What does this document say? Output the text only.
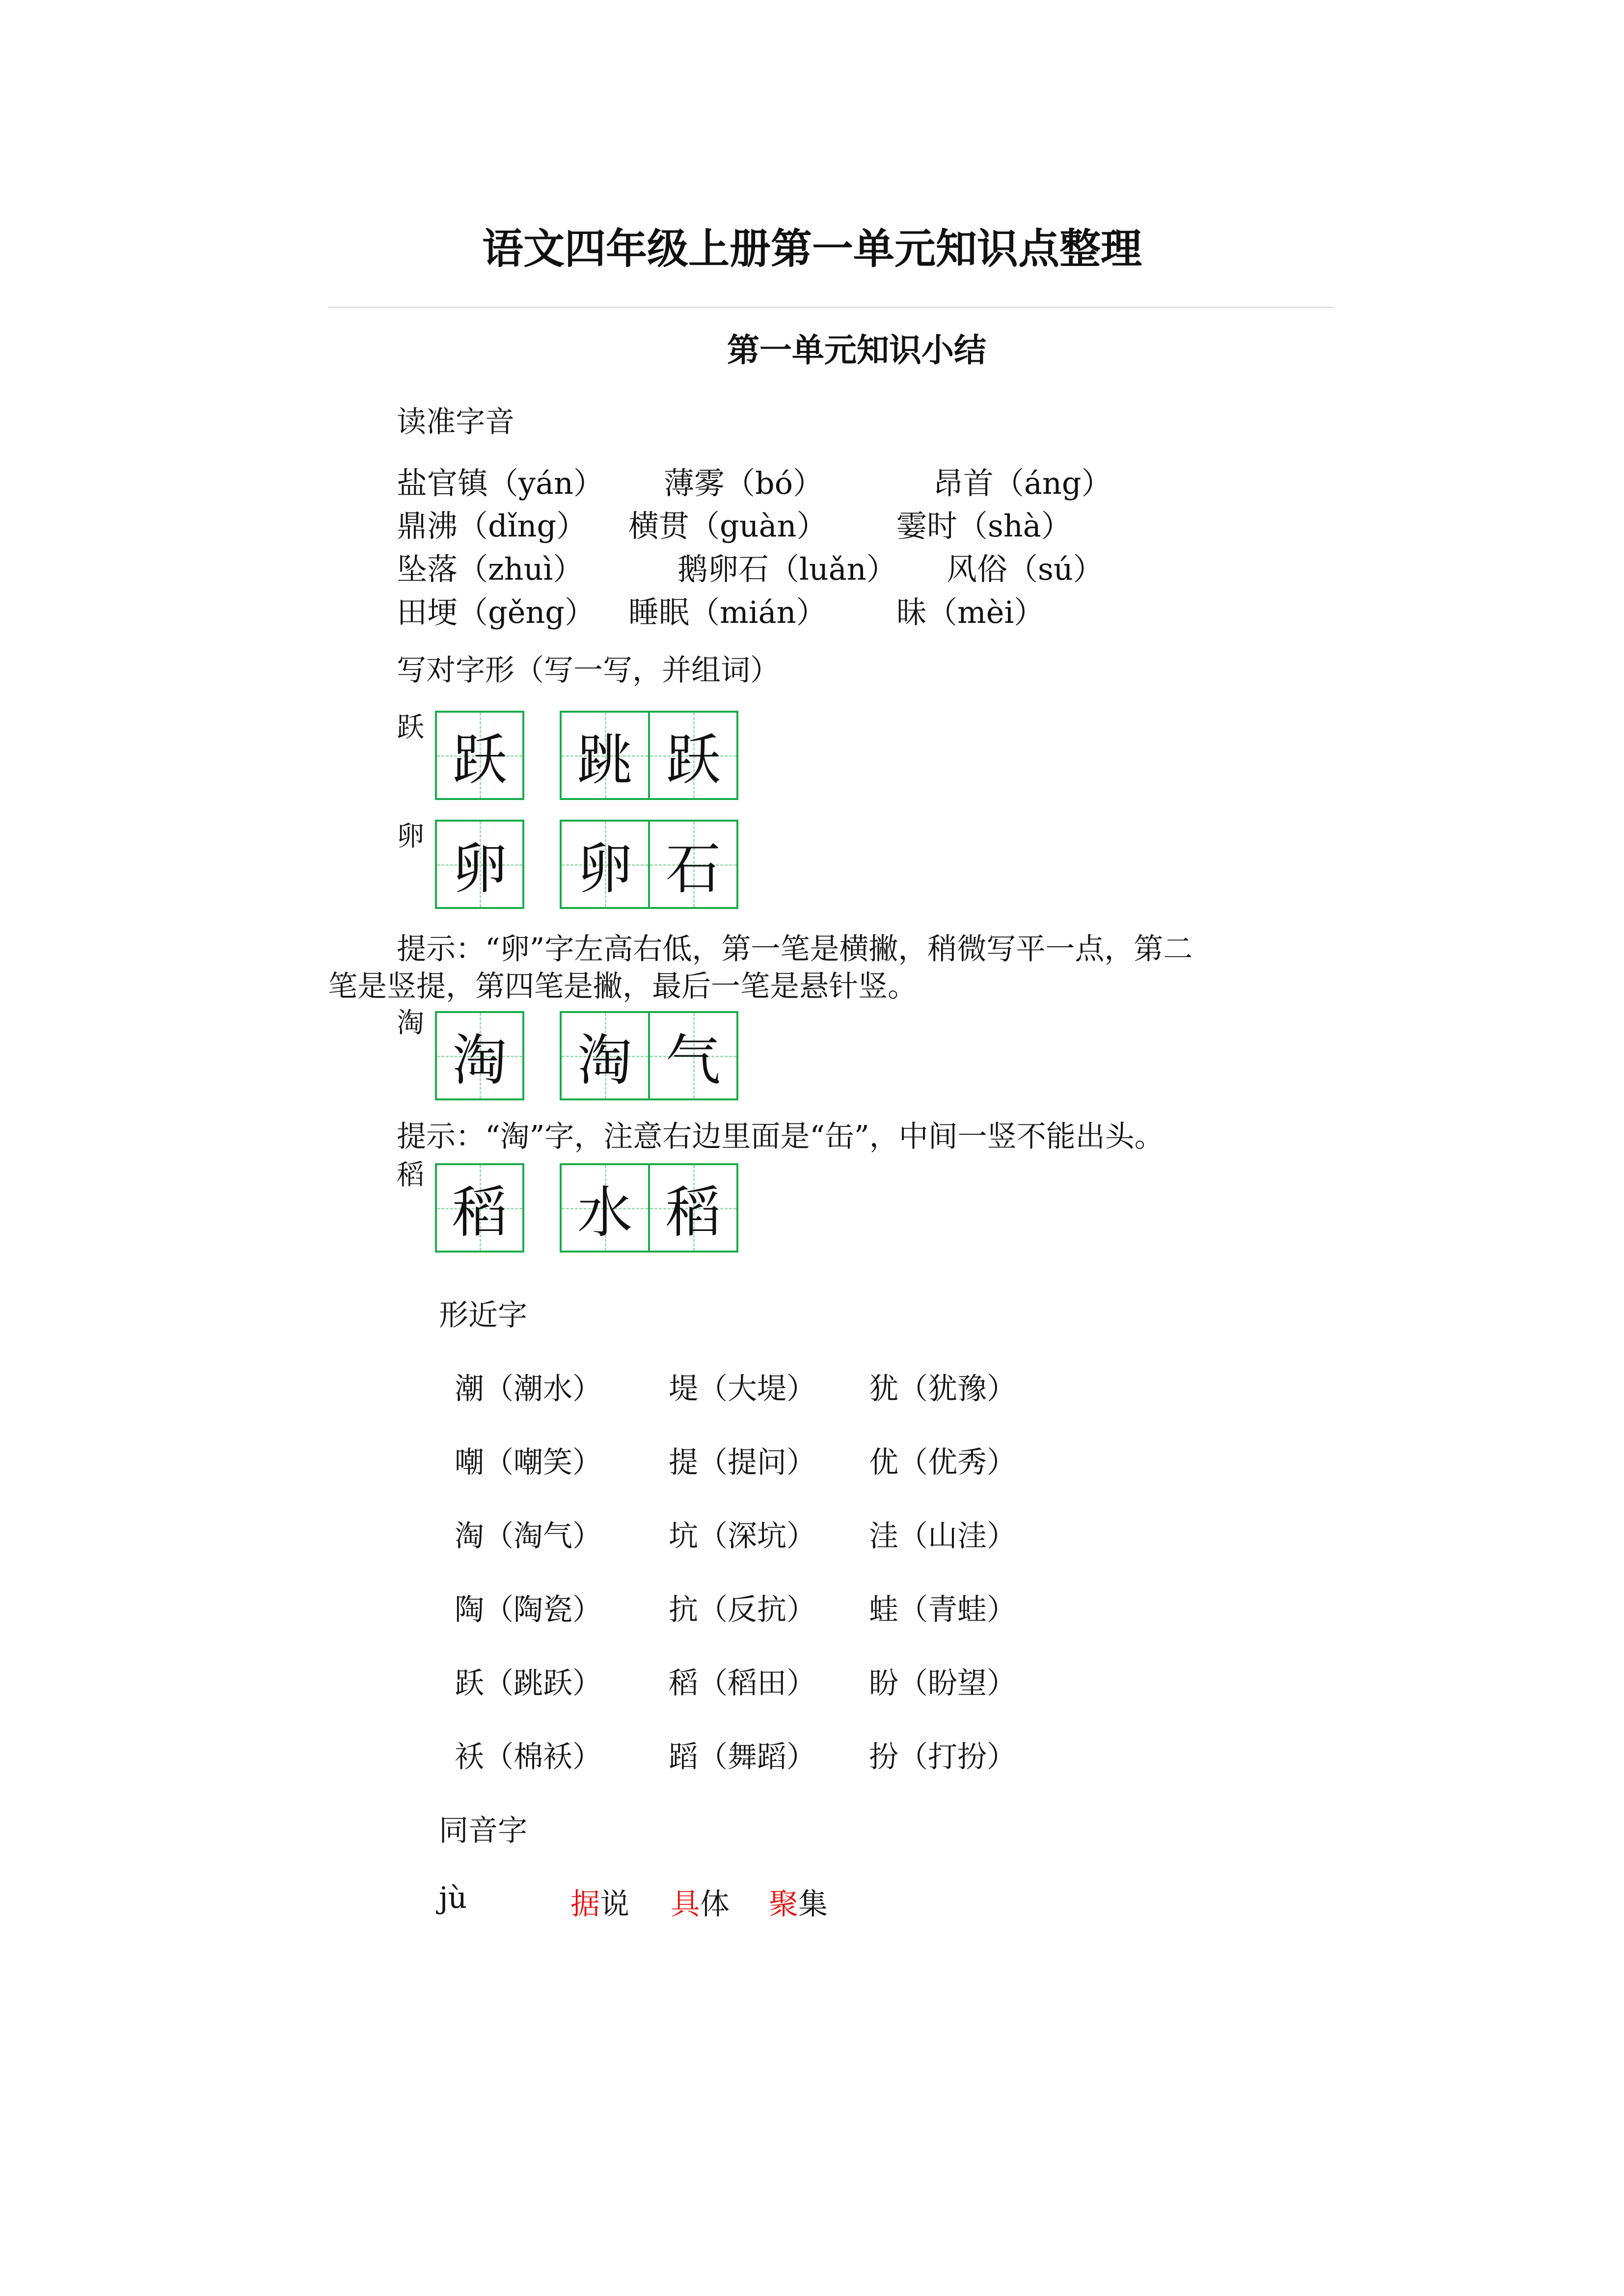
语文四年级上册第一单元知识点整理
第一单元知识小结
读准字音
盐官镇（yán） 薄雾（bó）	昂首（áng）
鼎沸（dǐng） 横贯（guàn） 霎时（shà）
坠落（zhuì）	鹅卵石（luǎn） 风俗（sú）
田埂（gěng） 睡眠（mián） 昧（mèi）
写对字形（写一写，并组词）
跃
跃 跳 跃
卵
卵 卵 石
提示：“卵”字左高右低，第一笔是横撇，稍微写平一点，第二
笔是竖提，第四笔是撇，最后一笔是悬针竖。
淘
淘 淘 气
提示：“淘”字，注意右边里面是“缶”，中间一竖不能出头。
稻
稻 水 稻
形近字
潮（潮水） 堤（大堤） 犹（犹豫）
嘲（嘲笑） 提（提问） 优（优秀）
淘（淘气） 坑（深坑） 洼（山洼）
陶（陶瓷） 抗（反抗） 蛙（青蛙）
跃（跳跃） 稻（稻田） 盼（盼望）
袄（棉袄） 蹈（舞蹈） 扮（打扮）
同音字
jù	据说 具体 聚集
